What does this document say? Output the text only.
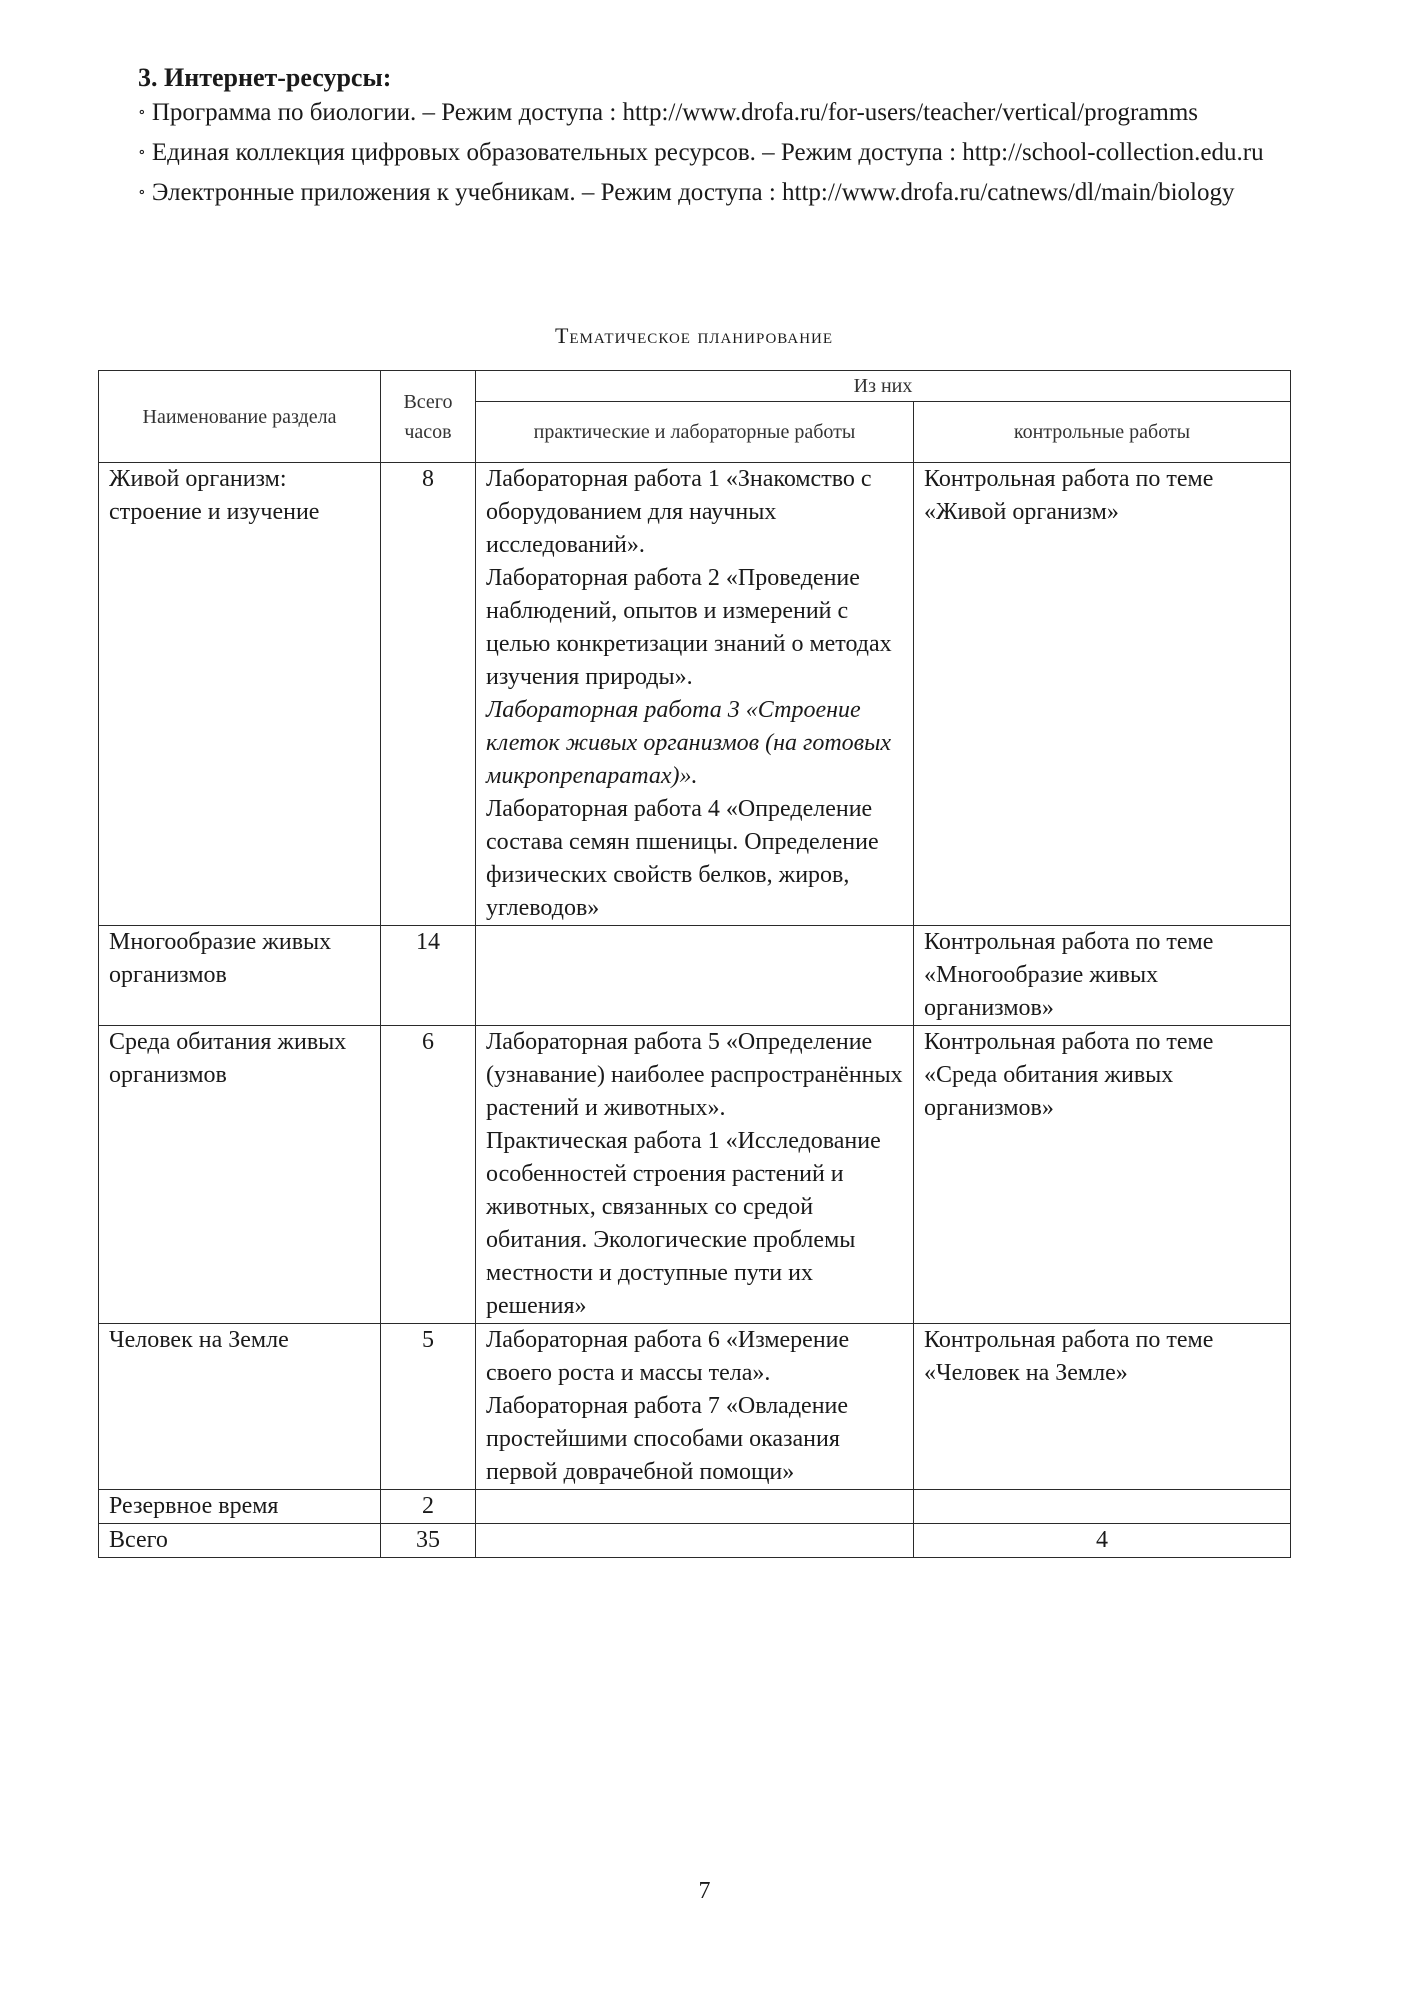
3. Интернет-ресурсы:

∘ Программа по биологии. – Режим доступа : http://www.drofa.ru/for-users/teacher/vertical/programms

∘ Единая коллекция цифровых образовательных ресурсов. – Режим доступа : http://school-collection.edu.ru

∘ Электронные приложения к учебникам. – Режим доступа : http://www.drofa.ru/catnews/dl/main/biology

Тематическое планирование
Наименование раздела	Всего часов	Из них	
		практические и лабораторные работы	контрольные работы
Живой организм: строение и изучение	8	Лабораторная работа 1 «Знакомство с оборудованием для научных исследований».
Лабораторная работа 2 «Проведение наблюдений, опытов и измерений с целью конкретизации знаний о методах изучения природы».
Лабораторная работа 3 «Строение клеток живых организмов (на готовых микропрепаратах)».
Лабораторная работа 4 «Определение состава семян пшеницы. Определение физических свойств белков, жиров, углеводов»	Контрольная работа по теме «Живой организм»
Многообразие живых организмов	14		Контрольная работа по теме «Многообразие живых организмов»
Среда обитания живых организмов	6	Лабораторная работа 5 «Определение (узнавание) наиболее распространённых растений и животных».
Практическая работа 1 «Исследование особенностей строения растений и животных, связанных со средой обитания. Экологические проблемы местности и доступные пути их решения»	Контрольная работа по теме «Среда обитания живых организмов»
Человек на Земле	5	Лабораторная работа 6 «Измерение своего роста и массы тела».
Лабораторная работа 7 «Овладение простейшими способами оказания первой доврачебной помощи»	Контрольная работа по теме «Человек на Земле»
Резервное время	2		
Всего	35		4
7
